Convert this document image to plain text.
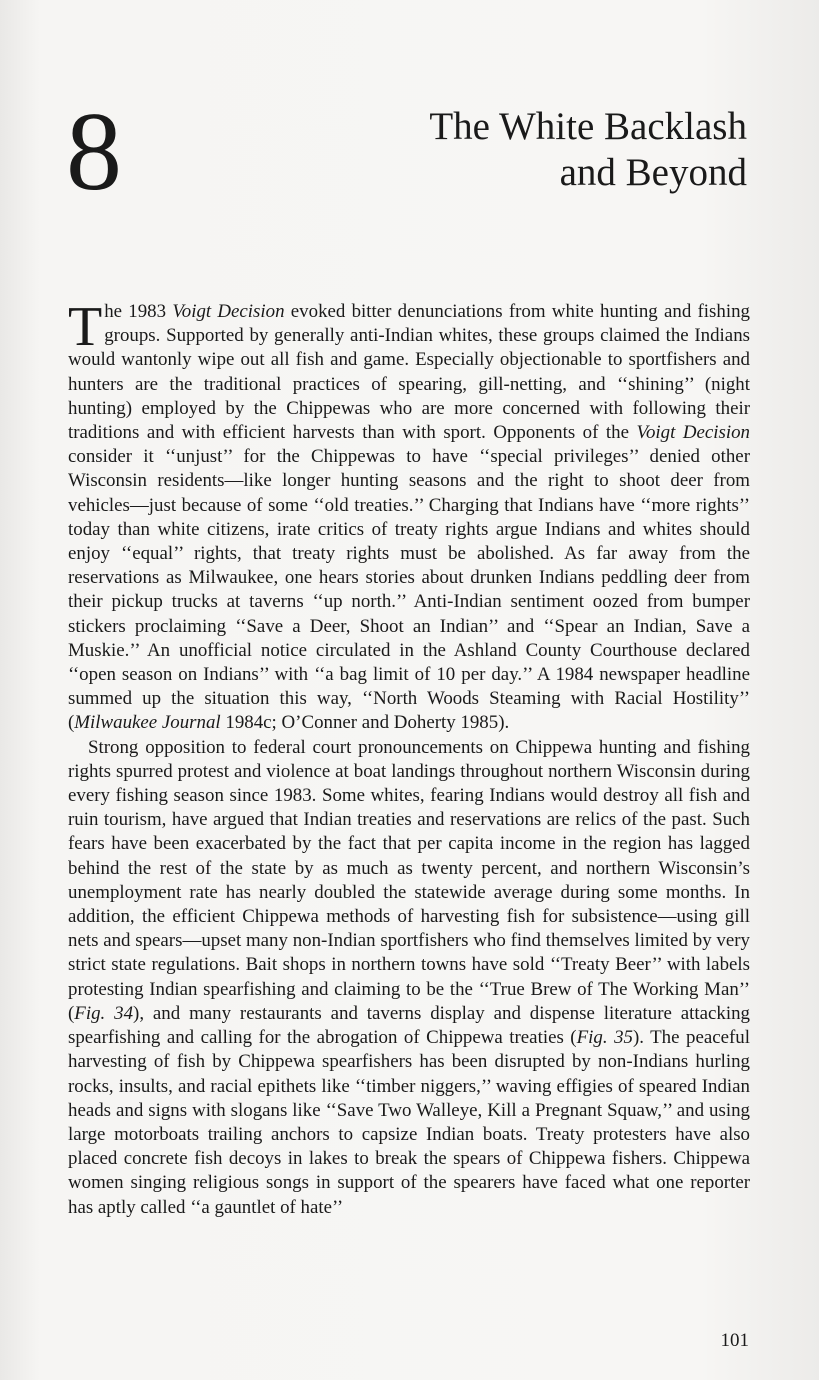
8	The White Backlash
and Beyond

The 1983 Voigt Decision evoked bitter denunciations from white hunting and fishing groups. Supported by generally anti-Indian whites, these groups claimed the Indians would wantonly wipe out all fish and game. Especially objectionable to sportfishers and hunters are the traditional practices of spearing, gill-netting, and ‘‘shining’’ (night hunting) employed by the Chippewas who are more concerned with following their traditions and with efficient harvests than with sport. Opponents of the Voigt Decision consider it ‘‘unjust’’ for the Chippewas to have ‘‘special privileges’’ denied other Wisconsin residents—like longer hunting seasons and the right to shoot deer from vehicles—just because of some ‘‘old treaties.’’ Charging that Indians have ‘‘more rights’’ today than white citizens, irate critics of treaty rights argue Indians and whites should enjoy ‘‘equal’’ rights, that treaty rights must be abolished. As far away from the reservations as Milwaukee, one hears stories about drunken Indians peddling deer from their pickup trucks at taverns ‘‘up north.’’ Anti-Indian sentiment oozed from bumper stickers proclaiming ‘‘Save a Deer, Shoot an Indian’’ and ‘‘Spear an Indian, Save a Muskie.’’ An unofficial notice circulated in the Ashland County Courthouse declared ‘‘open season on Indians’’ with ‘‘a bag limit of 10 per day.’’ A 1984 newspaper headline summed up the situation this way, ‘‘North Woods Steaming with Racial Hostility’’ (Milwaukee Journal 1984c; O’Conner and Doherty 1985).

Strong opposition to federal court pronouncements on Chippewa hunting and fishing rights spurred protest and violence at boat landings throughout northern Wisconsin during every fishing season since 1983. Some whites, fearing Indians would destroy all fish and ruin tourism, have argued that Indian treaties and reservations are relics of the past. Such fears have been exacerbated by the fact that per capita income in the region has lagged behind the rest of the state by as much as twenty percent, and northern Wisconsin’s unemployment rate has nearly doubled the statewide average during some months. In addition, the efficient Chippewa methods of harvesting fish for subsistence—using gill nets and spears—upset many non-Indian sportfishers who find themselves limited by very strict state regulations. Bait shops in northern towns have sold ‘‘Treaty Beer’’ with labels protesting Indian spearfishing and claiming to be the ‘‘True Brew of The Working Man’’ (Fig. 34), and many restaurants and taverns display and dispense literature attacking spearfishing and calling for the abrogation of Chippewa treaties (Fig. 35). The peaceful harvesting of fish by Chippewa spearfishers has been disrupted by non-Indians hurling rocks, insults, and racial epithets like ‘‘timber niggers,’’ waving effigies of speared Indian heads and signs with slogans like ‘‘Save Two Walleye, Kill a Pregnant Squaw,’’ and using large motorboats trailing anchors to capsize Indian boats. Treaty protesters have also placed concrete fish decoys in lakes to break the spears of Chippewa fishers. Chippewa women singing religious songs in support of the spearers have faced what one reporter has aptly called ‘‘a gauntlet of hate’’

101
